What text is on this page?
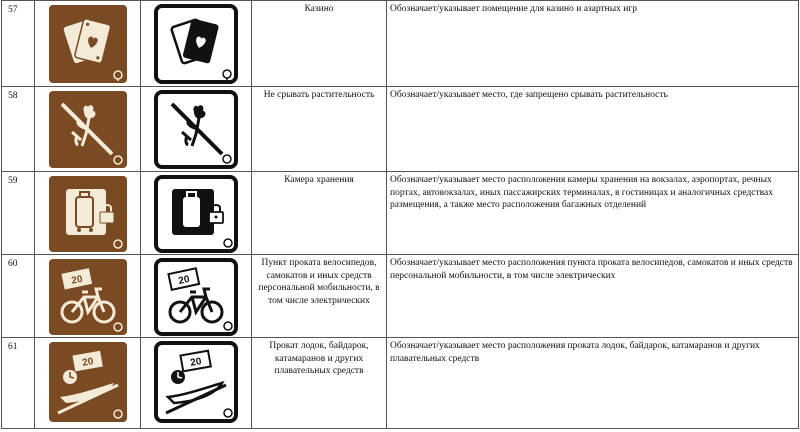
57			Казино	Обозначает/указывает помещение для казино и азартных игр
58			Не срывать растительность	Обозначает/указывает место, где запрещено срывать растительность
59			Камера хранения	Обозначает/указывает место расположения камеры хранения на вокзалах, аэропортах, речных портах, автовокзалах, иных пассажирских терминалах, в гостиницах и аналогичных средствах размещения, а также место расположения багажных отделений
60	20	20	Пункт проката велосипедов, самокатов и иных средств персональной мобильности, в том числе электрических	Обозначает/указывает место расположения пункта проката велосипедов, самокатов и иных средств персональной мобильности, в том числе электрических
61	20	20	Прокат лодок, байдарок, катамаранов и других плавательных средств	Обозначает/указывает место расположения проката лодок, байдарок, катамаранов и других плавательных средств
